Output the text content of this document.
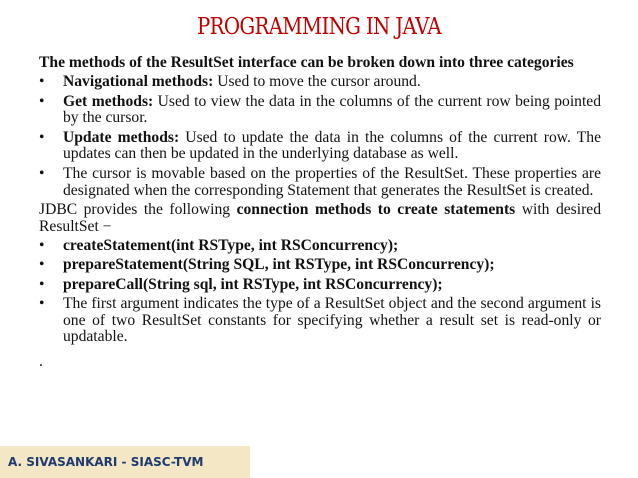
PROGRAMMING IN JAVA

The methods of the ResultSet interface can be broken down into three categories

• Navigational methods: Used to move the cursor around.
• Get methods: Used to view the data in the columns of the current row being pointed by the cursor.
• Update methods: Used to update the data in the columns of the current row. The updates can then be updated in the underlying database as well.
• The cursor is movable based on the properties of the ResultSet. These properties are designated when the corresponding Statement that generates the ResultSet is created.

JDBC provides the following connection methods to create statements with desired ResultSet −

• createStatement(int RSType, int RSConcurrency);
• prepareStatement(String SQL, int RSType, int RSConcurrency);
• prepareCall(String sql, int RSType, int RSConcurrency);
• The first argument indicates the type of a ResultSet object and the second argument is one of two ResultSet constants for specifying whether a result set is read-only or updatable.
.
A. SIVASANKARI - SIASC-TVM
